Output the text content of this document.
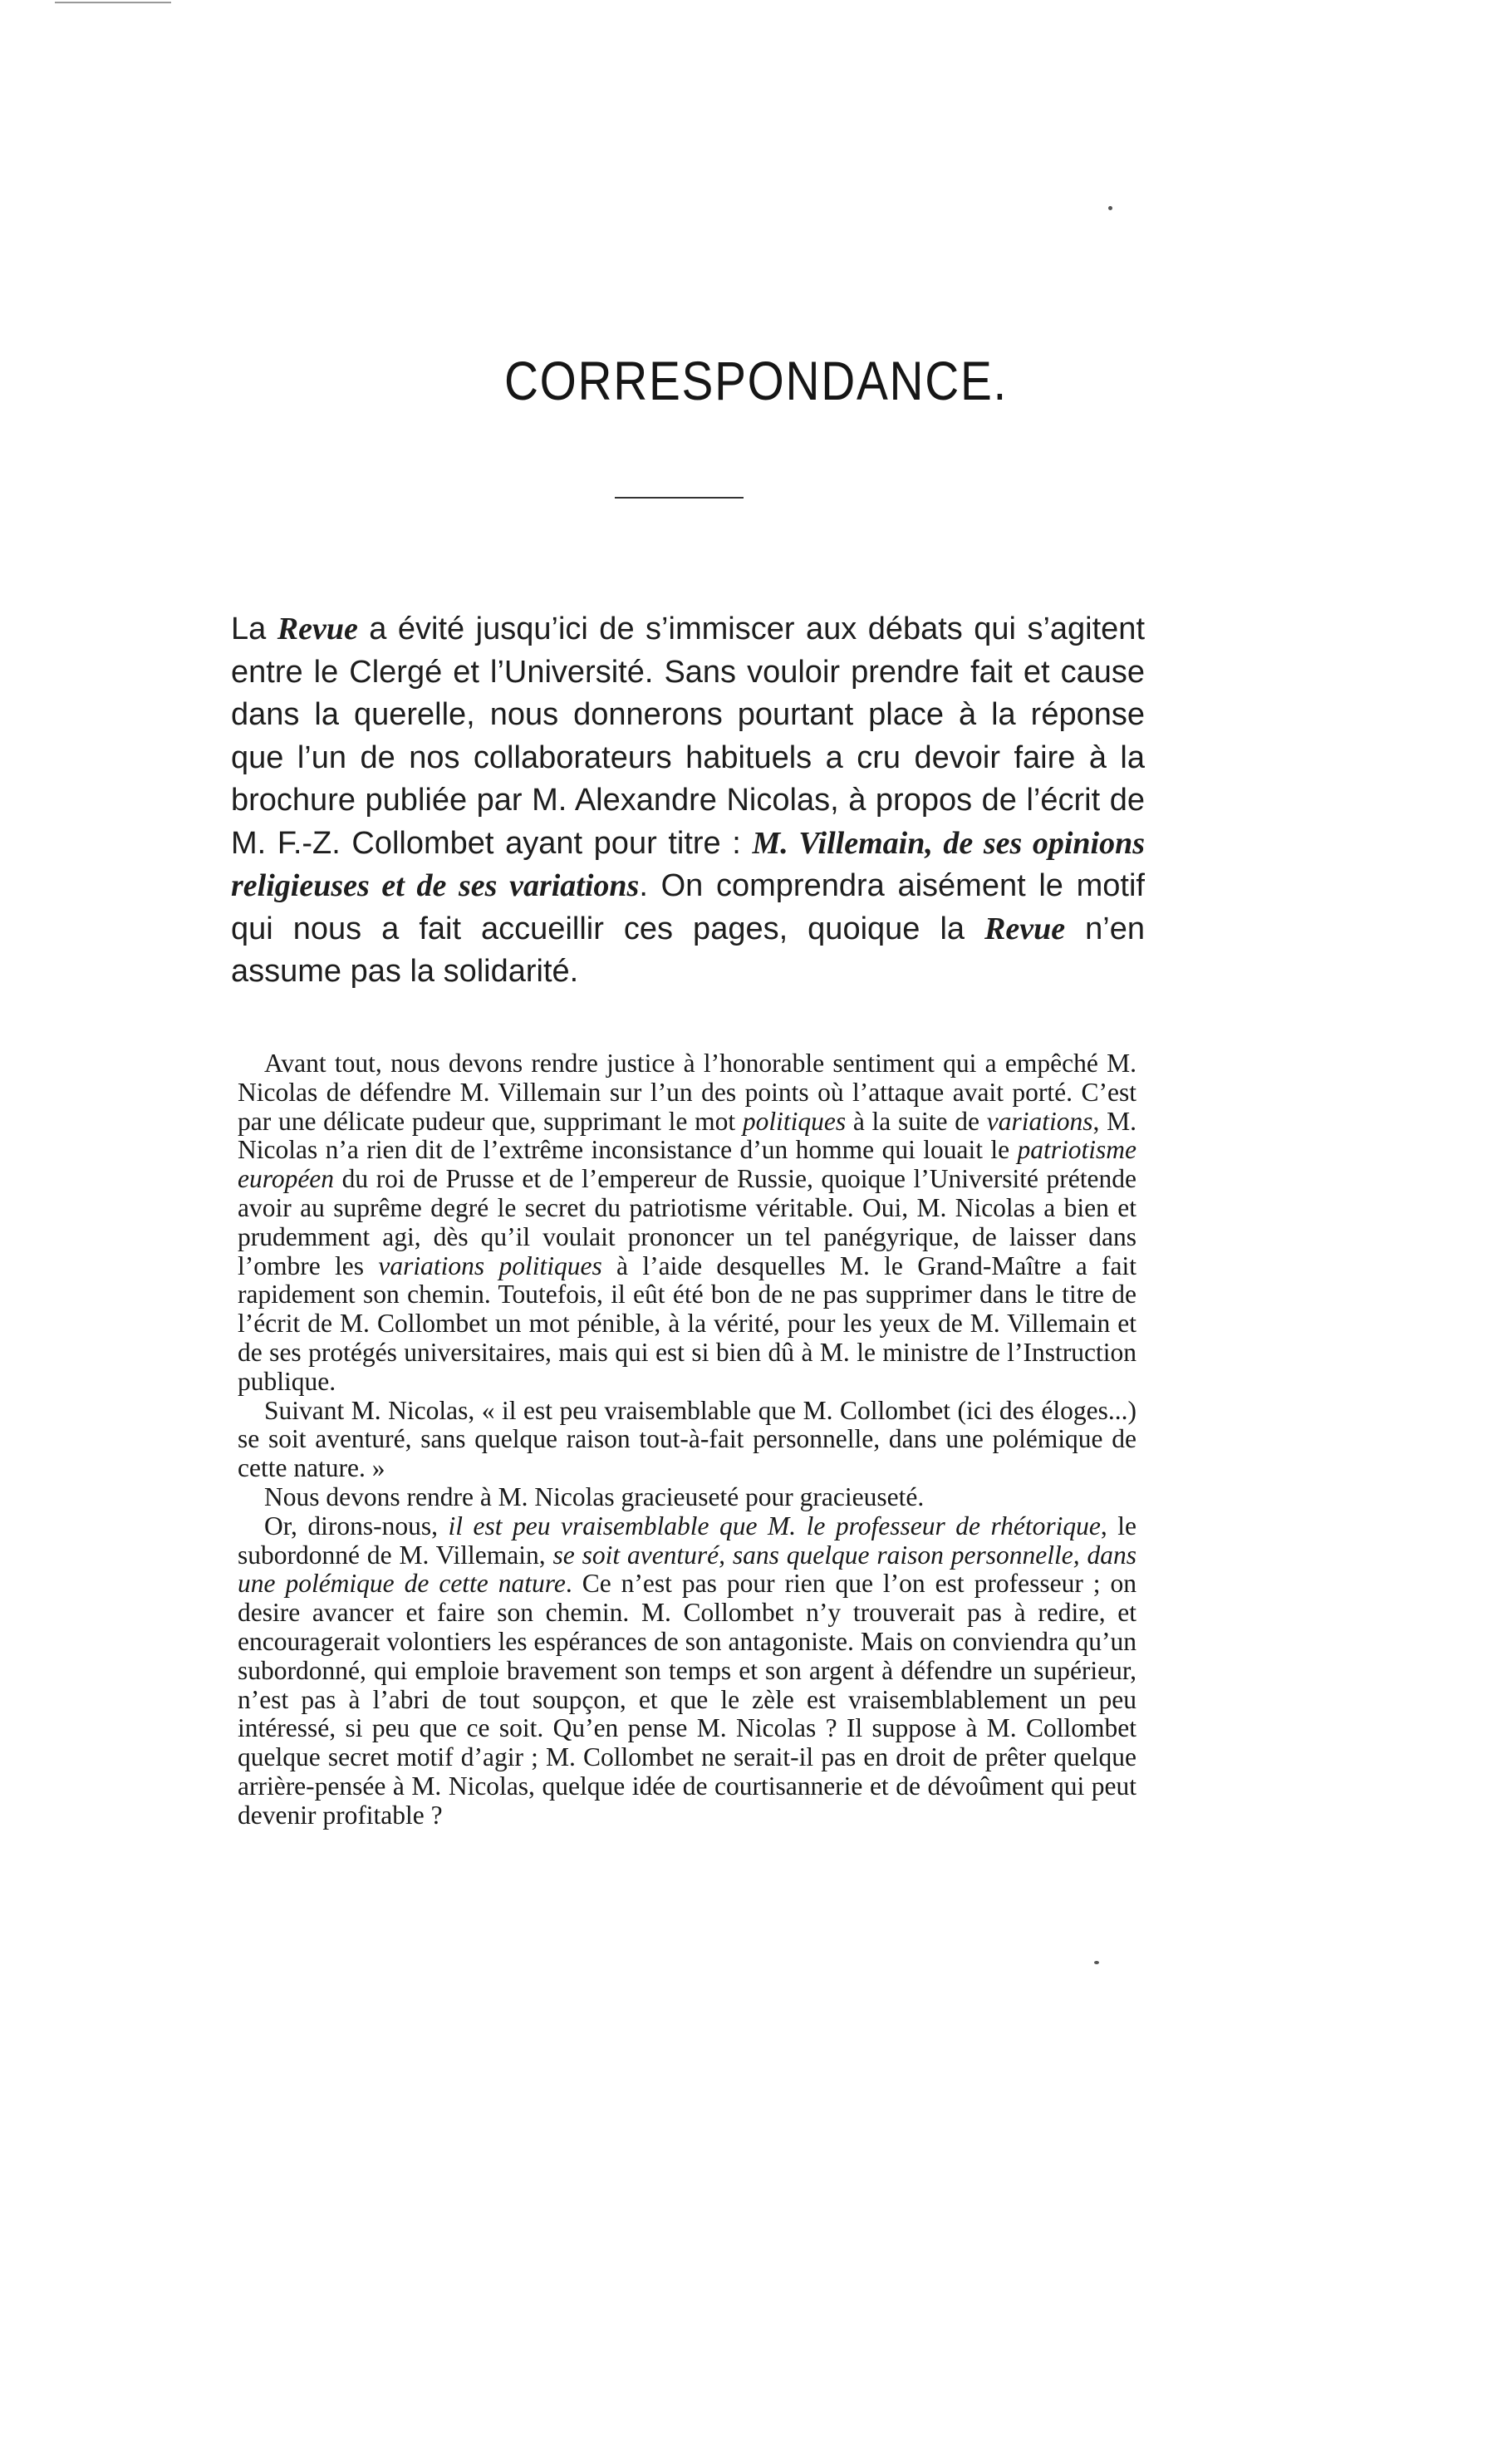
CORRESPONDANCE.

La Revue a évité jusqu’ici de s’immiscer aux débats qui s’agitent entre le Clergé et l’Université. Sans vouloir prendre fait et cause dans la querelle, nous donnerons pourtant place à la réponse que l’un de nos collaborateurs habituels a cru devoir faire à la brochure publiée par M. Alexandre Nicolas, à propos de l’écrit de M. F.-Z. Collombet ayant pour titre : M. Villemain, de ses opinions religieuses et de ses variations. On comprendra aisément le motif qui nous a fait accueillir ces pages, quoique la Revue n’en assume pas la solidarité.

Avant tout, nous devons rendre justice à l’honorable sentiment qui a empêché M. Nicolas de défendre M. Villemain sur l’un des points où l’attaque avait porté. C’est par une délicate pudeur que, supprimant le mot politiques à la suite de variations, M. Nicolas n’a rien dit de l’extrême inconsistance d’un homme qui louait le patriotisme européen du roi de Prusse et de l’empereur de Russie, quoique l’Université prétende avoir au suprême degré le secret du patriotisme véritable. Oui, M. Nicolas a bien et prudemment agi, dès qu’il voulait prononcer un tel panégyrique, de laisser dans l’ombre les variations politiques à l’aide desquelles M. le Grand-Maître a fait rapidement son chemin. Toutefois, il eût été bon de ne pas supprimer dans le titre de l’écrit de M. Collombet un mot pénible, à la vérité, pour les yeux de M. Villemain et de ses protégés universitaires, mais qui est si bien dû à M. le ministre de l’Instruction publique.

Suivant M. Nicolas, « il est peu vraisemblable que M. Collombet (ici des éloges...) se soit aventuré, sans quelque raison tout-à-fait personnelle, dans une polémique de cette nature. »

Nous devons rendre à M. Nicolas gracieuseté pour gracieuseté.

Or, dirons-nous, il est peu vraisemblable que M. le professeur de rhétorique, le subordonné de M. Villemain, se soit aventuré, sans quelque raison personnelle, dans une polémique de cette nature. Ce n’est pas pour rien que l’on est professeur ; on desire avancer et faire son chemin. M. Collombet n’y trouverait pas à redire, et encouragerait volontiers les espérances de son antagoniste. Mais on conviendra qu’un subordonné, qui emploie bravement son temps et son argent à défendre un supérieur, n’est pas à l’abri de tout soupçon, et que le zèle est vraisemblablement un peu intéressé, si peu que ce soit. Qu’en pense M. Nicolas ? Il suppose à M. Collombet quelque secret motif d’agir ; M. Collombet ne serait-il pas en droit de prêter quelque arrière-pensée à M. Nicolas, quelque idée de courtisannerie et de dévoûment qui peut devenir profitable ?
